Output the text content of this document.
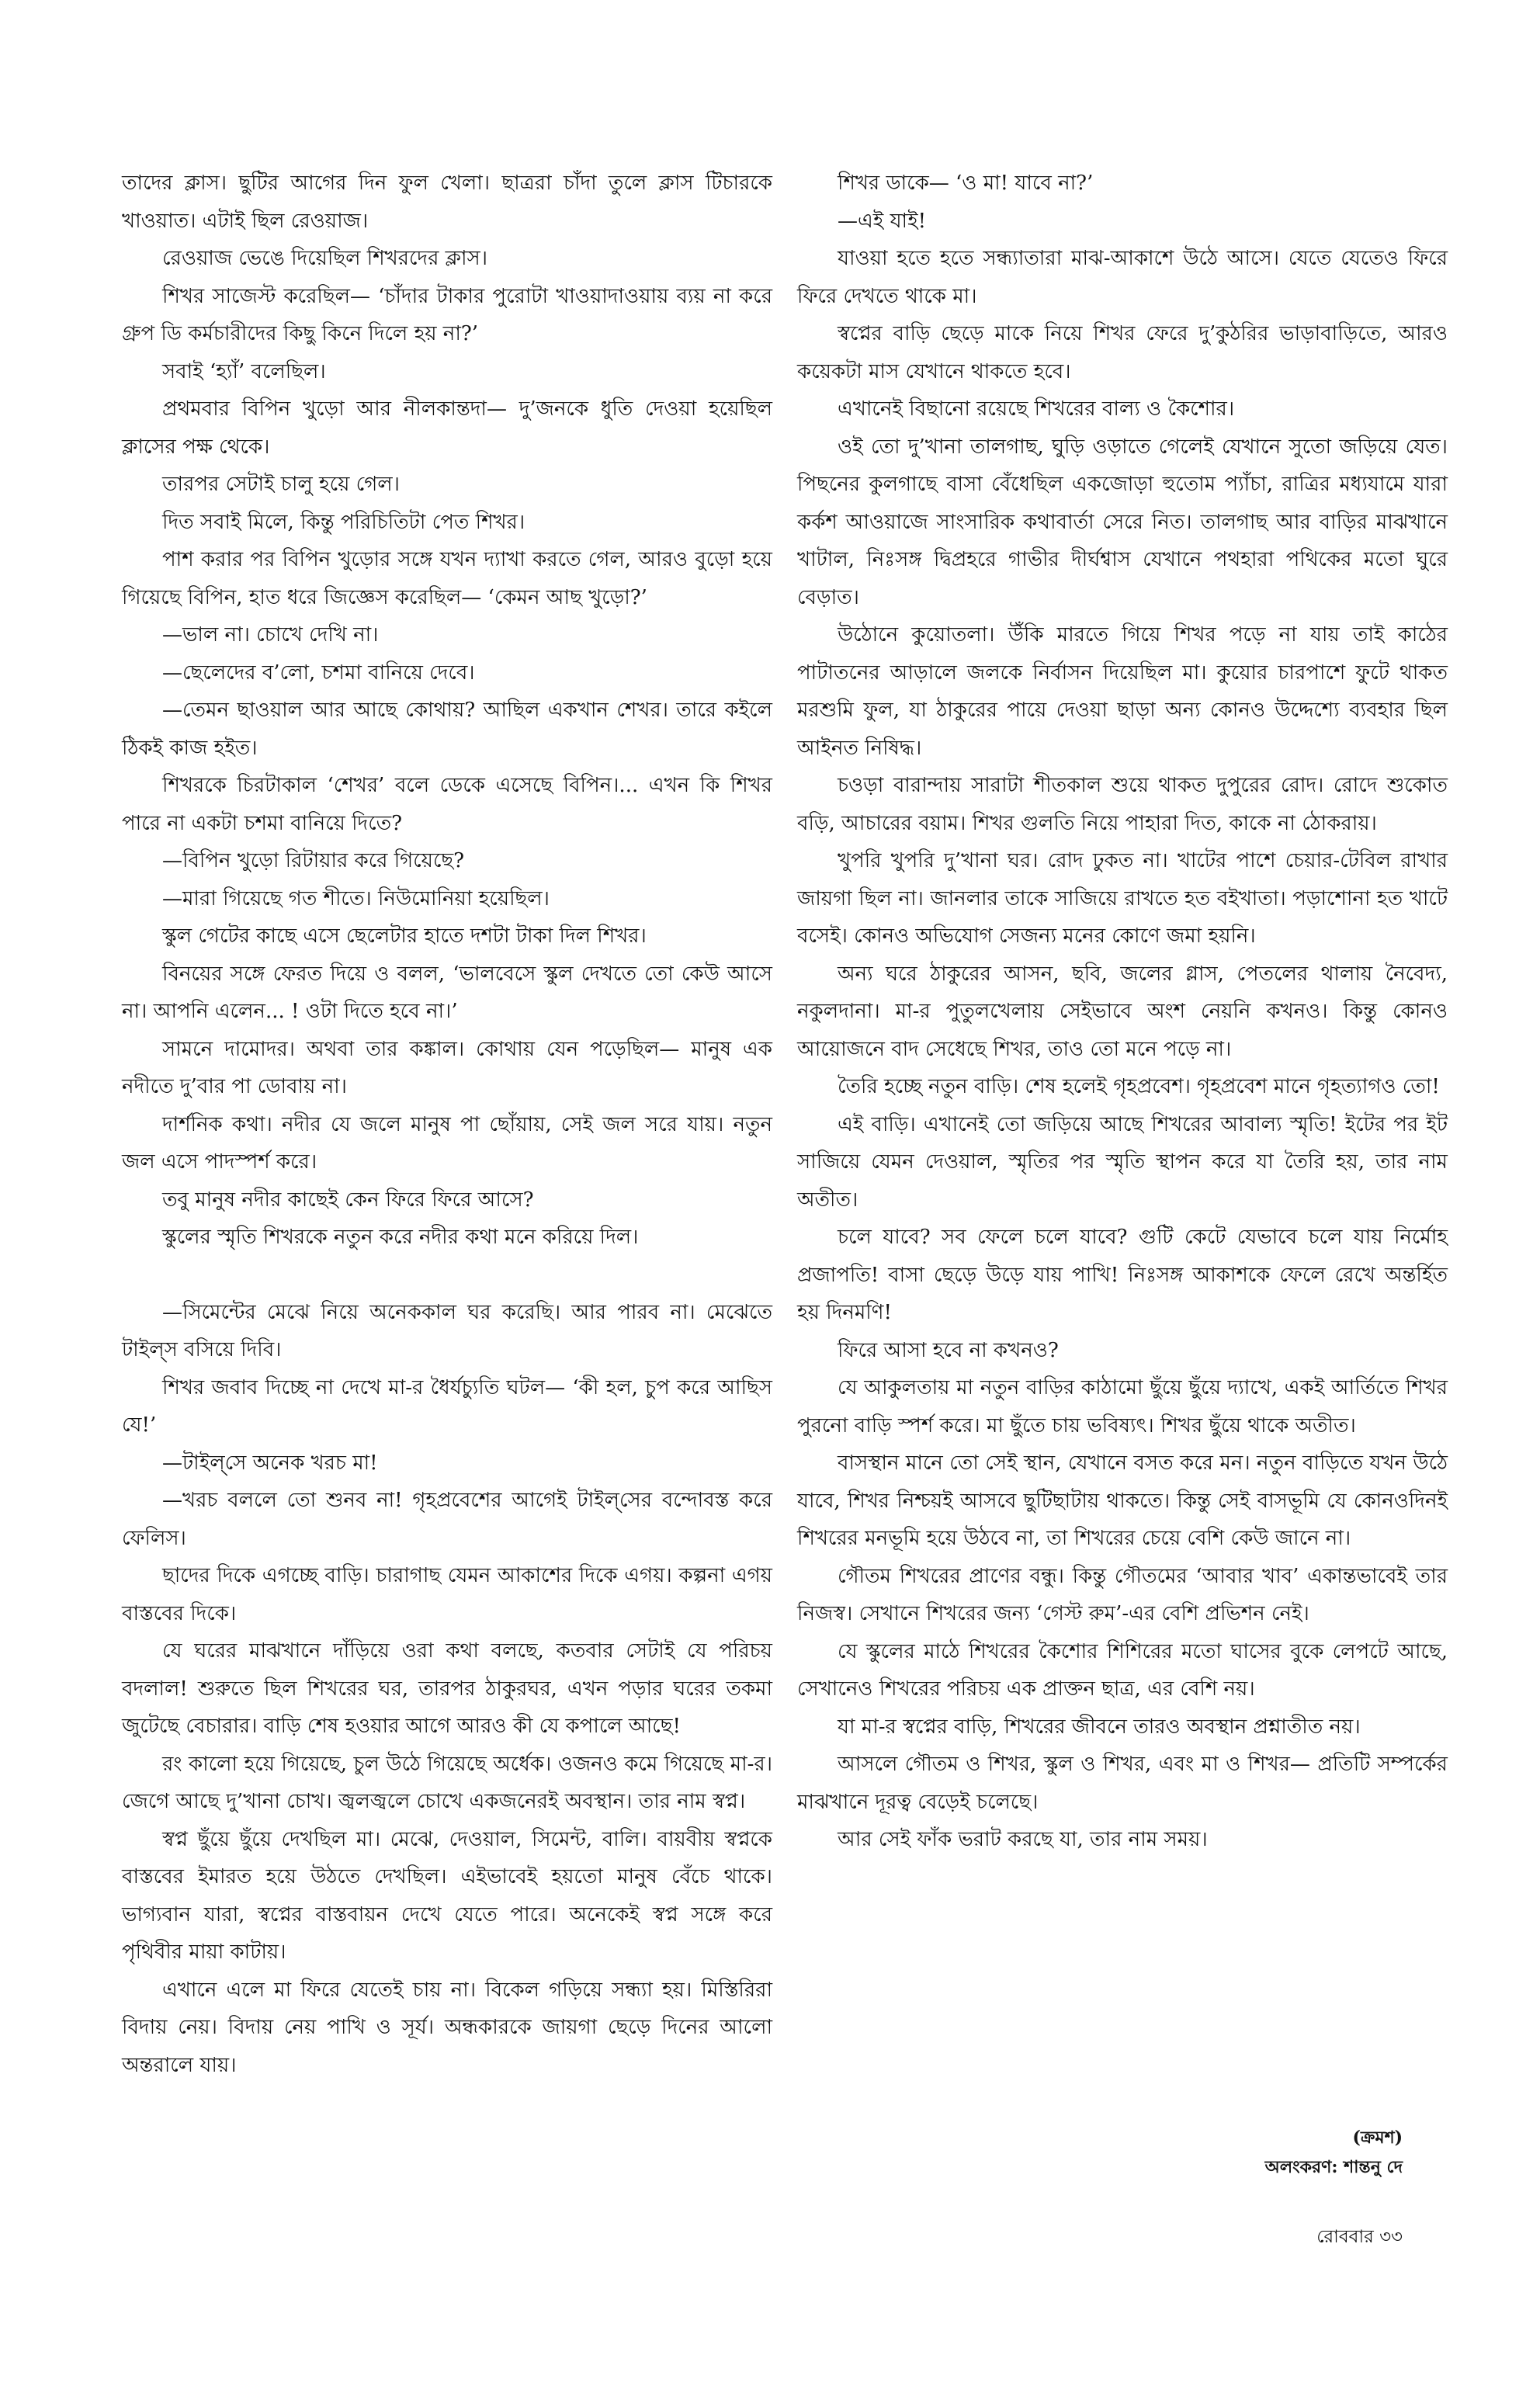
তাদের ক্লাস। ছুটির আগের দিন ফুল খেলা। ছাত্ররা চাঁদা তুলে ক্লাস টিচারকে খাওয়াত। এটাই ছিল রেওয়াজ।

রেওয়াজ ভেঙে দিয়েছিল শিখরদের ক্লাস।

শিখর সাজেস্ট করেছিল— ‘চাঁদার টাকার পুরোটা খাওয়াদাওয়ায় ব্যয় না করে গ্রুপ ডি কর্মচারীদের কিছু কিনে দিলে হয় না?’

সবাই ‘হ্যাঁ’ বলেছিল।

প্রথমবার বিপিন খুড়ো আর নীলকান্তদা— দু’জনকে ধুতি দেওয়া হয়েছিল ক্লাসের পক্ষ থেকে।

তারপর সেটাই চালু হয়ে গেল।

দিত সবাই মিলে, কিন্তু পরিচিতিটা পেত শিখর।

পাশ করার পর বিপিন খুড়োর সঙ্গে যখন দ্যাখা করতে গেল, আরও বুড়ো হয়ে গিয়েছে বিপিন, হাত ধরে জিজ্ঞেস করেছিল— ‘কেমন আছ খুড়ো?’

—ভাল না। চোখে দেখি না।

—ছেলেদের ব’লো, চশমা বানিয়ে দেবে।

—তেমন ছাওয়াল আর আছে কোথায়? আছিল একখান শেখর। তারে কইলে ঠিকই কাজ হইত।

শিখরকে চিরটাকাল ‘শেখর’ বলে ডেকে এসেছে বিপিন।... এখন কি শিখর পারে না একটা চশমা বানিয়ে দিতে?

—বিপিন খুড়ো রিটায়ার করে গিয়েছে?

—মারা গিয়েছে গত শীতে। নিউমোনিয়া হয়েছিল।

স্কুল গেটের কাছে এসে ছেলেটার হাতে দশটা টাকা দিল শিখর।

বিনয়ের সঙ্গে ফেরত দিয়ে ও বলল, ‘ভালবেসে স্কুল দেখতে তো কেউ আসে না। আপনি এলেন... ! ওটা দিতে হবে না।’

সামনে দামোদর। অথবা তার কঙ্কাল। কোথায় যেন পড়েছিল— মানুষ এক নদীতে দু’বার পা ডোবায় না।

দার্শনিক কথা। নদীর যে জলে মানুষ পা ছোঁয়ায়, সেই জল সরে যায়। নতুন জল এসে পাদস্পর্শ করে।

তবু মানুষ নদীর কাছেই কেন ফিরে ফিরে আসে?

স্কুলের স্মৃতি শিখরকে নতুন করে নদীর কথা মনে করিয়ে দিল।

—সিমেন্টের মেঝে নিয়ে অনেককাল ঘর করেছি। আর পারব না। মেঝেতে টাইল্‌স বসিয়ে দিবি।

শিখর জবাব দিচ্ছে না দেখে মা-র ধৈর্যচ্যুতি ঘটল— ‘কী হল, চুপ করে আছিস যে!’

—টাইল্‌সে অনেক খরচ মা!

—খরচ বললে তো শুনব না! গৃহপ্রবেশের আগেই টাইল্‌সের বন্দোবস্ত করে ফেলিস।

ছাদের দিকে এগচ্ছে বাড়ি। চারাগাছ যেমন আকাশের দিকে এগয়। কল্পনা এগয় বাস্তবের দিকে।

যে ঘরের মাঝখানে দাঁড়িয়ে ওরা কথা বলছে, কতবার সেটাই যে পরিচয় বদলাল! শুরুতে ছিল শিখরের ঘর, তারপর ঠাকুরঘর, এখন পড়ার ঘরের তকমা জুটেছে বেচারার। বাড়ি শেষ হওয়ার আগে আরও কী যে কপালে আছে!

রং কালো হয়ে গিয়েছে, চুল উঠে গিয়েছে অর্ধেক। ওজনও কমে গিয়েছে মা-র। জেগে আছে দু’খানা চোখ। জ্বলজ্বলে চোখে একজনেরই অবস্থান। তার নাম স্বপ্ন।

স্বপ্ন ছুঁয়ে ছুঁয়ে দেখছিল মা। মেঝে, দেওয়াল, সিমেন্ট, বালি। বায়বীয় স্বপ্নকে বাস্তবের ইমারত হয়ে উঠতে দেখছিল। এইভাবেই হয়তো মানুষ বেঁচে থাকে। ভাগ্যবান যারা, স্বপ্নের বাস্তবায়ন দেখে যেতে পারে। অনেকেই স্বপ্ন সঙ্গে করে পৃথিবীর মায়া কাটায়।

এখানে এলে মা ফিরে যেতেই চায় না। বিকেল গড়িয়ে সন্ধ্যা হয়। মিস্তিরিরা বিদায় নেয়। বিদায় নেয় পাখি ও সূর্য। অন্ধকারকে জায়গা ছেড়ে দিনের আলো অন্তরালে যায়।

শিখর ডাকে— ‘ও মা! যাবে না?’

—এই যাই!

যাওয়া হতে হতে সন্ধ্যাতারা মাঝ-আকাশে উঠে আসে। যেতে যেতেও ফিরে ফিরে দেখতে থাকে মা।

স্বপ্নের বাড়ি ছেড়ে মাকে নিয়ে শিখর ফেরে দু’কুঠরির ভাড়াবাড়িতে, আরও কয়েকটা মাস যেখানে থাকতে হবে।

এখানেই বিছানো রয়েছে শিখরের বাল্য ও কৈশোর।

ওই তো দু’খানা তালগাছ, ঘুড়ি ওড়াতে গেলেই যেখানে সুতো জড়িয়ে যেত। পিছনের কুলগাছে বাসা বেঁধেছিল একজোড়া হুতোম প্যাঁচা, রাত্রির মধ্যযামে যারা কর্কশ আওয়াজে সাংসারিক কথাবার্তা সেরে নিত। তালগাছ আর বাড়ির মাঝখানে খাটাল, নিঃসঙ্গ দ্বিপ্রহরে গাভীর দীর্ঘশ্বাস যেখানে পথহারা পথিকের মতো ঘুরে বেড়াত।

উঠোনে কুয়োতলা। উঁকি মারতে গিয়ে শিখর পড়ে না যায় তাই কাঠের পাটাতনের আড়ালে জলকে নির্বাসন দিয়েছিল মা। কুয়োর চারপাশে ফুটে থাকত মরশুমি ফুল, যা ঠাকুরের পায়ে দেওয়া ছাড়া অন্য কোনও উদ্দেশ্যে ব্যবহার ছিল আইনত নিষিদ্ধ।

চওড়া বারান্দায় সারাটা শীতকাল শুয়ে থাকত দুপুরের রোদ। রোদে শুকোত বড়ি, আচারের বয়াম। শিখর গুলতি নিয়ে পাহারা দিত, কাকে না ঠোকরায়।

খুপরি খুপরি দু’খানা ঘর। রোদ ঢুকত না। খাটের পাশে চেয়ার-টেবিল রাখার জায়গা ছিল না। জানলার তাকে সাজিয়ে রাখতে হত বইখাতা। পড়াশোনা হত খাটে বসেই। কোনও অভিযোগ সেজন্য মনের কোণে জমা হয়নি।

অন্য ঘরে ঠাকুরের আসন, ছবি, জলের গ্লাস, পেতলের থালায় নৈবেদ্য, নকুলদানা। মা-র পুতুলখেলায় সেইভাবে অংশ নেয়নি কখনও। কিন্তু কোনও আয়োজনে বাদ সেধেছে শিখর, তাও তো মনে পড়ে না।

তৈরি হচ্ছে নতুন বাড়ি। শেষ হলেই গৃহপ্রবেশ। গৃহপ্রবেশ মানে গৃহত্যাগও তো!

এই বাড়ি। এখানেই তো জড়িয়ে আছে শিখরের আবাল্য স্মৃতি! ইটের পর ইট সাজিয়ে যেমন দেওয়াল, স্মৃতির পর স্মৃতি স্থাপন করে যা তৈরি হয়, তার নাম অতীত।

চলে যাবে? সব ফেলে চলে যাবে? গুটি কেটে যেভাবে চলে যায় নির্মোহ প্রজাপতি! বাসা ছেড়ে উড়ে যায় পাখি! নিঃসঙ্গ আকাশকে ফেলে রেখে অন্তর্হিত হয় দিনমণি!

ফিরে আসা হবে না কখনও?

যে আকুলতায় মা নতুন বাড়ির কাঠামো ছুঁয়ে ছুঁয়ে দ্যাখে, একই আর্তিতে শিখর পুরনো বাড়ি স্পর্শ করে। মা ছুঁতে চায় ভবিষ্যৎ। শিখর ছুঁয়ে থাকে অতীত।

বাসস্থান মানে তো সেই স্থান, যেখানে বসত করে মন। নতুন বাড়িতে যখন উঠে যাবে, শিখর নিশ্চয়ই আসবে ছুটিছাটায় থাকতে। কিন্তু সেই বাসভূমি যে কোনওদিনই শিখরের মনভূমি হয়ে উঠবে না, তা শিখরের চেয়ে বেশি কেউ জানে না।

গৌতম শিখরের প্রাণের বন্ধু। কিন্তু গৌতমের ‘আবার খাব’ একান্তভাবেই তার নিজস্ব। সেখানে শিখরের জন্য ‘গেস্ট রুম’-এর বেশি প্রভিশন নেই।

যে স্কুলের মাঠে শিখরের কৈশোর শিশিরের মতো ঘাসের বুকে লেপটে আছে, সেখানেও শিখরের পরিচয় এক প্রাক্তন ছাত্র, এর বেশি নয়।

যা মা-র স্বপ্নের বাড়ি, শিখরের জীবনে তারও অবস্থান প্রশ্নাতীত নয়।

আসলে গৌতম ও শিখর, স্কুল ও শিখর, এবং মা ও শিখর— প্রতিটি সম্পর্কের মাঝখানে দূরত্ব বেড়েই চলেছে।

আর সেই ফাঁক ভরাট করছে যা, তার নাম সময়।

(ক্রমশ)
অলংকরণ: শান্তনু দে
রোববার ৩৩
